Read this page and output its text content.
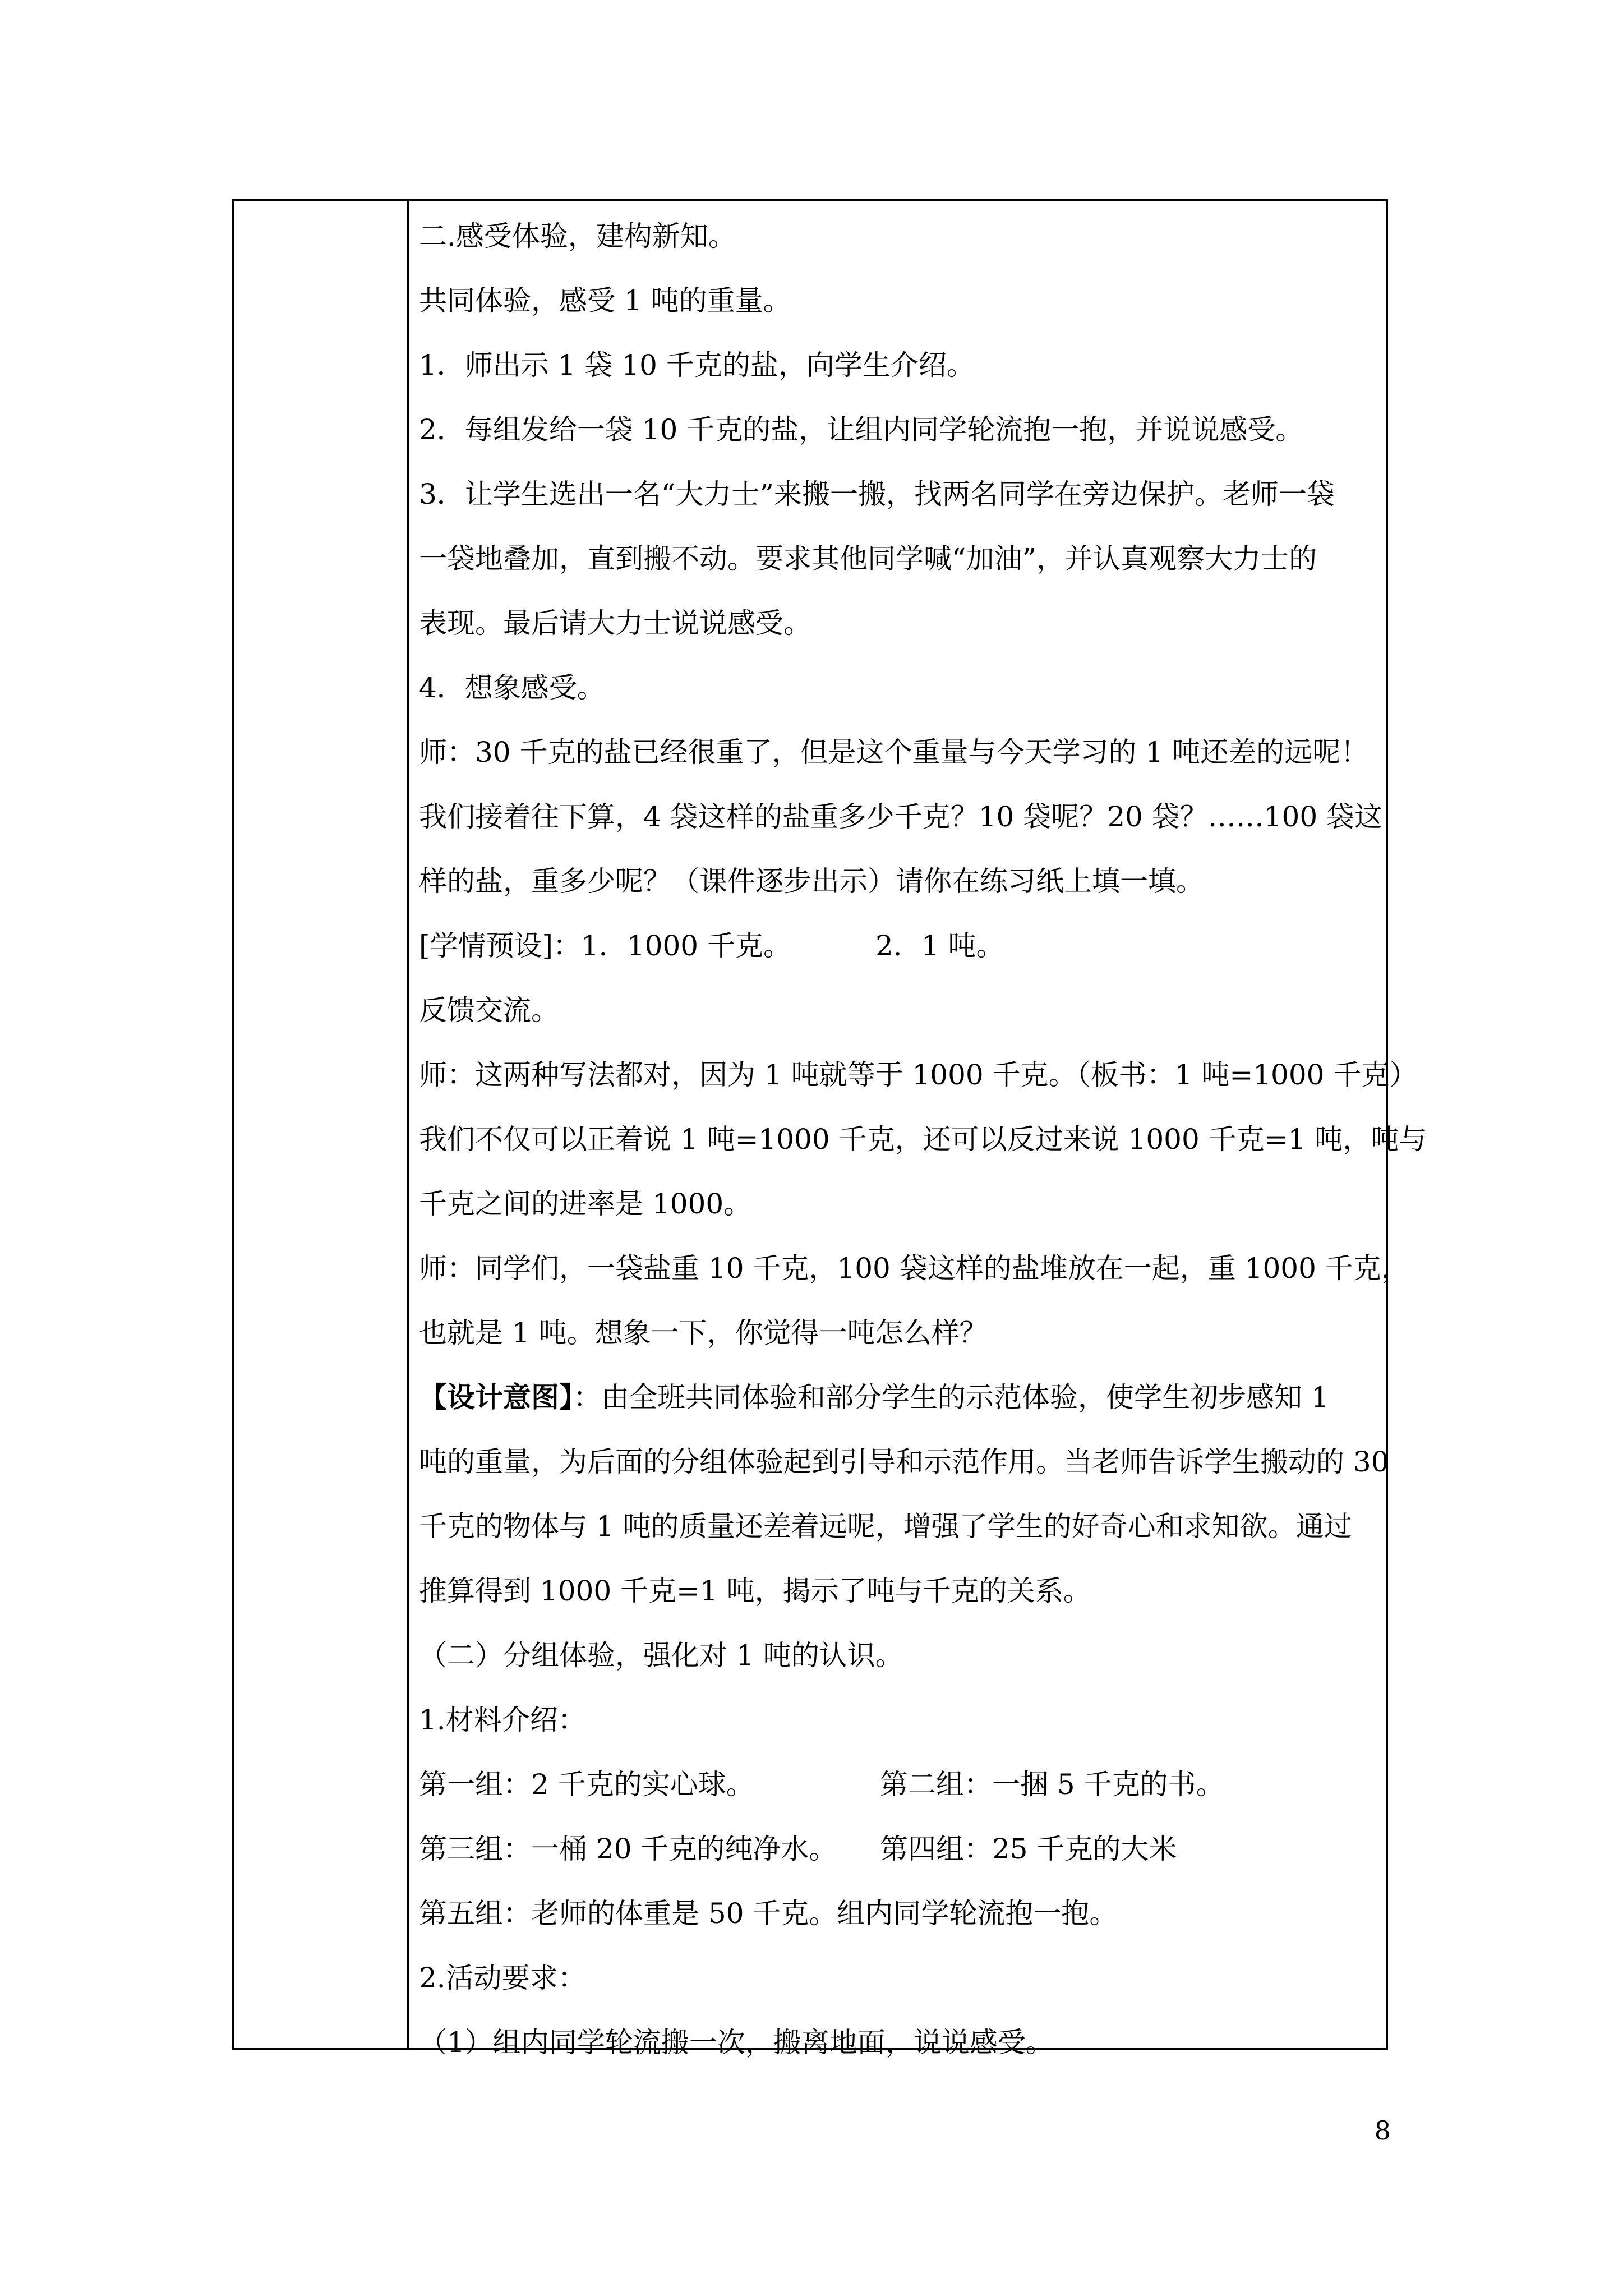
二.感受体验，建构新知。
共同体验，感受 1 吨的重量。
1．师出示 1 袋 10 千克的盐，向学生介绍。
2．每组发给一袋 10 千克的盐，让组内同学轮流抱一抱，并说说感受。
3．让学生选出一名“大力士”来搬一搬，找两名同学在旁边保护。老师一袋
一袋地叠加，直到搬不动。要求其他同学喊“加油”，并认真观察大力士的
表现。最后请大力士说说感受。
4．想象感受。
师：30 千克的盐已经很重了，但是这个重量与今天学习的 1 吨还差的远呢！
我们接着往下算，4 袋这样的盐重多少千克？10 袋呢？20 袋？……100 袋这
样的盐，重多少呢？（课件逐步出示）请你在练习纸上填一填。
[学情预设]：1．1000 千克。	2．1 吨。
反馈交流。
师：这两种写法都对，因为 1 吨就等于 1000 千克。（板书：1 吨=1000 千克）
我们不仅可以正着说 1 吨=1000 千克，还可以反过来说 1000 千克=1 吨，吨与
千克之间的进率是 1000。
师：同学们，一袋盐重 10 千克，100 袋这样的盐堆放在一起，重 1000 千克，
也就是 1 吨。想象一下，你觉得一吨怎么样？
【设计意图】：由全班共同体验和部分学生的示范体验，使学生初步感知 1
吨的重量，为后面的分组体验起到引导和示范作用。当老师告诉学生搬动的 30
千克的物体与 1 吨的质量还差着远呢，增强了学生的好奇心和求知欲。通过
推算得到 1000 千克=1 吨，揭示了吨与千克的关系。
（二）分组体验，强化对 1 吨的认识。
1.材料介绍：
第一组：2 千克的实心球。	第二组：一捆 5 千克的书。
第三组：一桶 20 千克的纯净水。 第四组：25 千克的大米
第五组：老师的体重是 50 千克。组内同学轮流抱一抱。
2.活动要求：
（1）组内同学轮流搬一次，搬离地面，说说感受。
8
